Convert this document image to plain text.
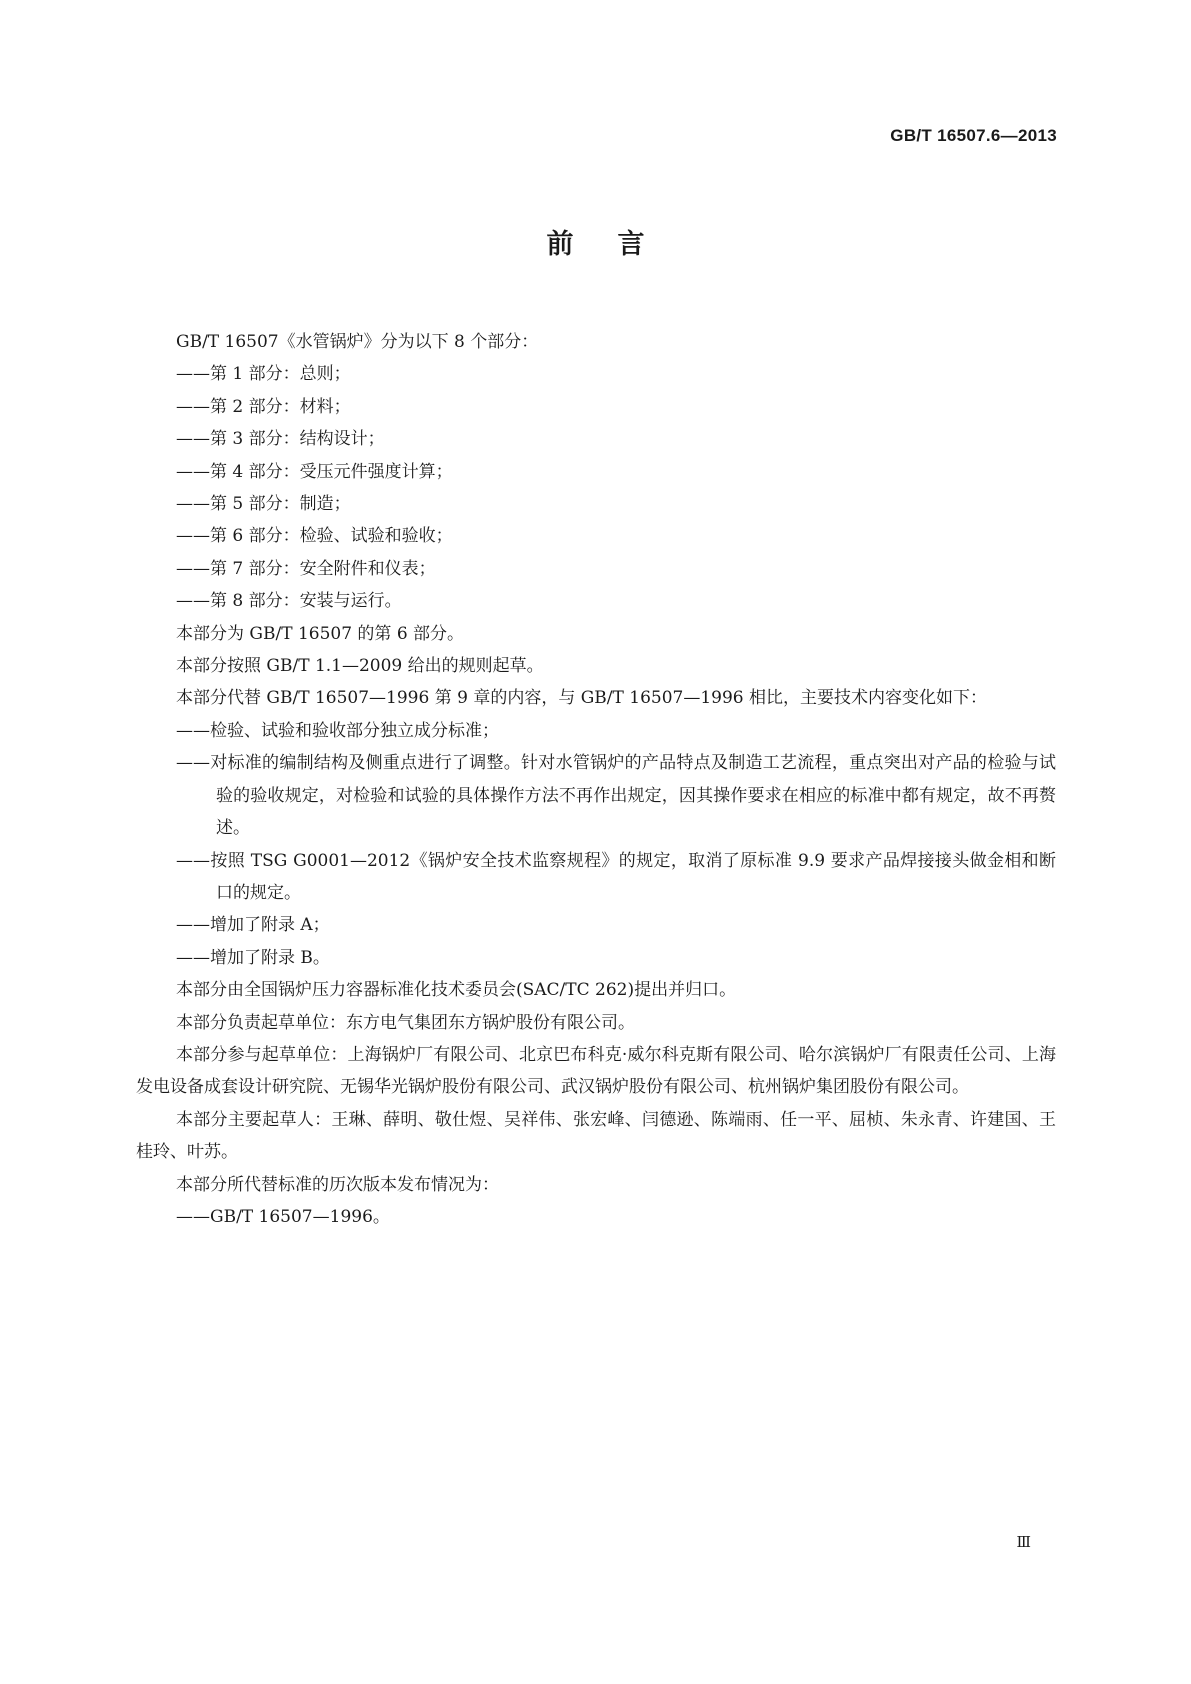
GB/T 16507.6—2013
前言
GB/T 16507《水管锅炉》分为以下 8 个部分：
——第 1 部分：总则；
——第 2 部分：材料；
——第 3 部分：结构设计；
——第 4 部分：受压元件强度计算；
——第 5 部分：制造；
——第 6 部分：检验、试验和验收；
——第 7 部分：安全附件和仪表；
——第 8 部分：安装与运行。
本部分为 GB/T 16507 的第 6 部分。
本部分按照 GB/T 1.1—2009 给出的规则起草。
本部分代替 GB/T 16507—1996 第 9 章的内容，与 GB/T 16507—1996 相比，主要技术内容变化如下：
——检验、试验和验收部分独立成分标准；
——对标准的编制结构及侧重点进行了调整。针对水管锅炉的产品特点及制造工艺流程，重点突出对产品的检验与试验的验收规定，对检验和试验的具体操作方法不再作出规定，因其操作要求在相应的标准中都有规定，故不再赘述。
——按照 TSG G0001—2012《锅炉安全技术监察规程》的规定，取消了原标准 9.9 要求产品焊接接头做金相和断口的规定。
——增加了附录 A；
——增加了附录 B。
本部分由全国锅炉压力容器标准化技术委员会(SAC/TC 262)提出并归口。
本部分负责起草单位：东方电气集团东方锅炉股份有限公司。
本部分参与起草单位：上海锅炉厂有限公司、北京巴布科克·威尔科克斯有限公司、哈尔滨锅炉厂有限责任公司、上海发电设备成套设计研究院、无锡华光锅炉股份有限公司、武汉锅炉股份有限公司、杭州锅炉集团股份有限公司。
本部分主要起草人：王琳、薛明、敬仕煜、吴祥伟、张宏峰、闫德逊、陈端雨、任一平、屈桢、朱永青、许建国、王桂玲、叶苏。
本部分所代替标准的历次版本发布情况为：
——GB/T 16507—1996。
Ⅲ
